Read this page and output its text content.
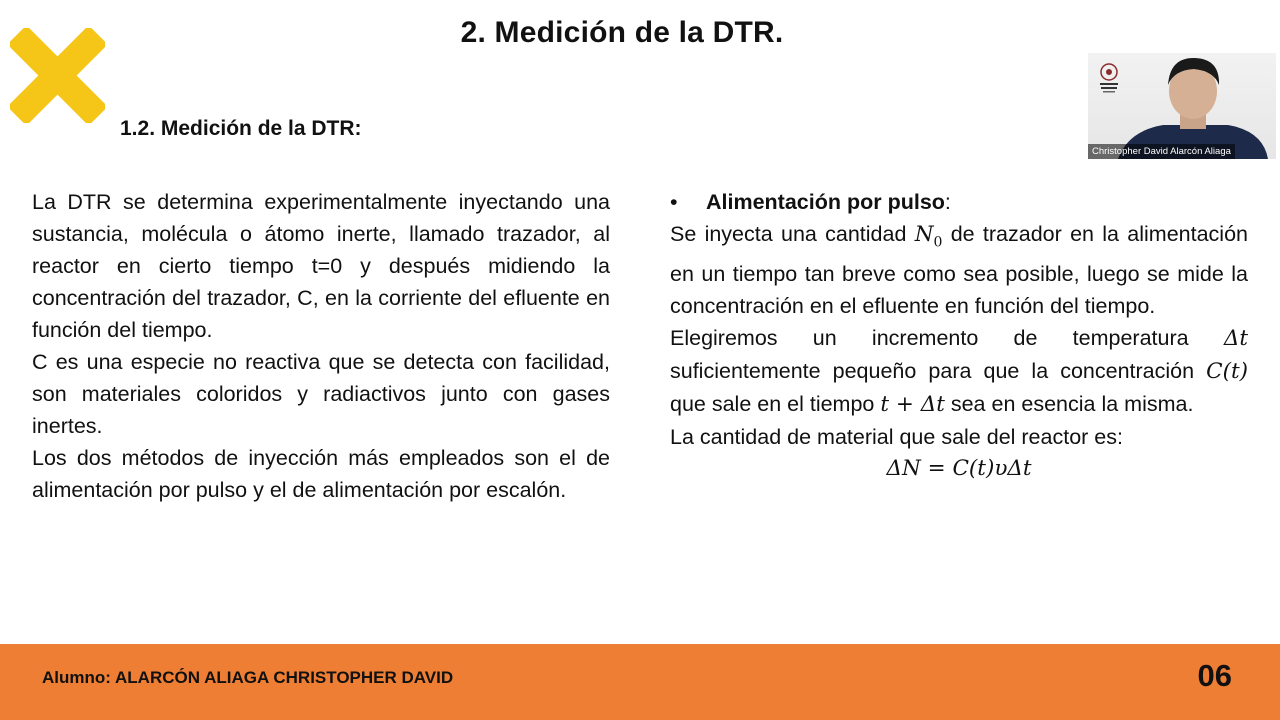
2. Medición de la DTR.
1.2. Medición de la DTR:

La DTR se determina experimentalmente inyectando una sustancia, molécula o átomo inerte, llamado trazador, al reactor en cierto tiempo t=0 y después midiendo la concentración del trazador, C, en la corriente del efluente en función del tiempo.

C es una especie no reactiva que se detecta con facilidad, son materiales coloridos y radiactivos junto con gases inertes.

Los dos métodos de inyección más empleados son el de alimentación por pulso y el de alimentación por escalón.

•	Alimentación por pulso:

Se inyecta una cantidad $N_0$ de trazador en la alimentación en un tiempo tan breve como sea posible, luego se mide la concentración en el efluente en función del tiempo.

Elegiremos un incremento de temperatura Δt suficientemente pequeño para que la concentración C(t) que sale en el tiempo t + Δt sea en esencia la misma.

La cantidad de material que sale del reactor es:

ΔN = C(t)υΔt
Christopher David Alarcón Aliaga
Alumno: ALARCÓN ALIAGA CHRISTOPHER DAVID	06
